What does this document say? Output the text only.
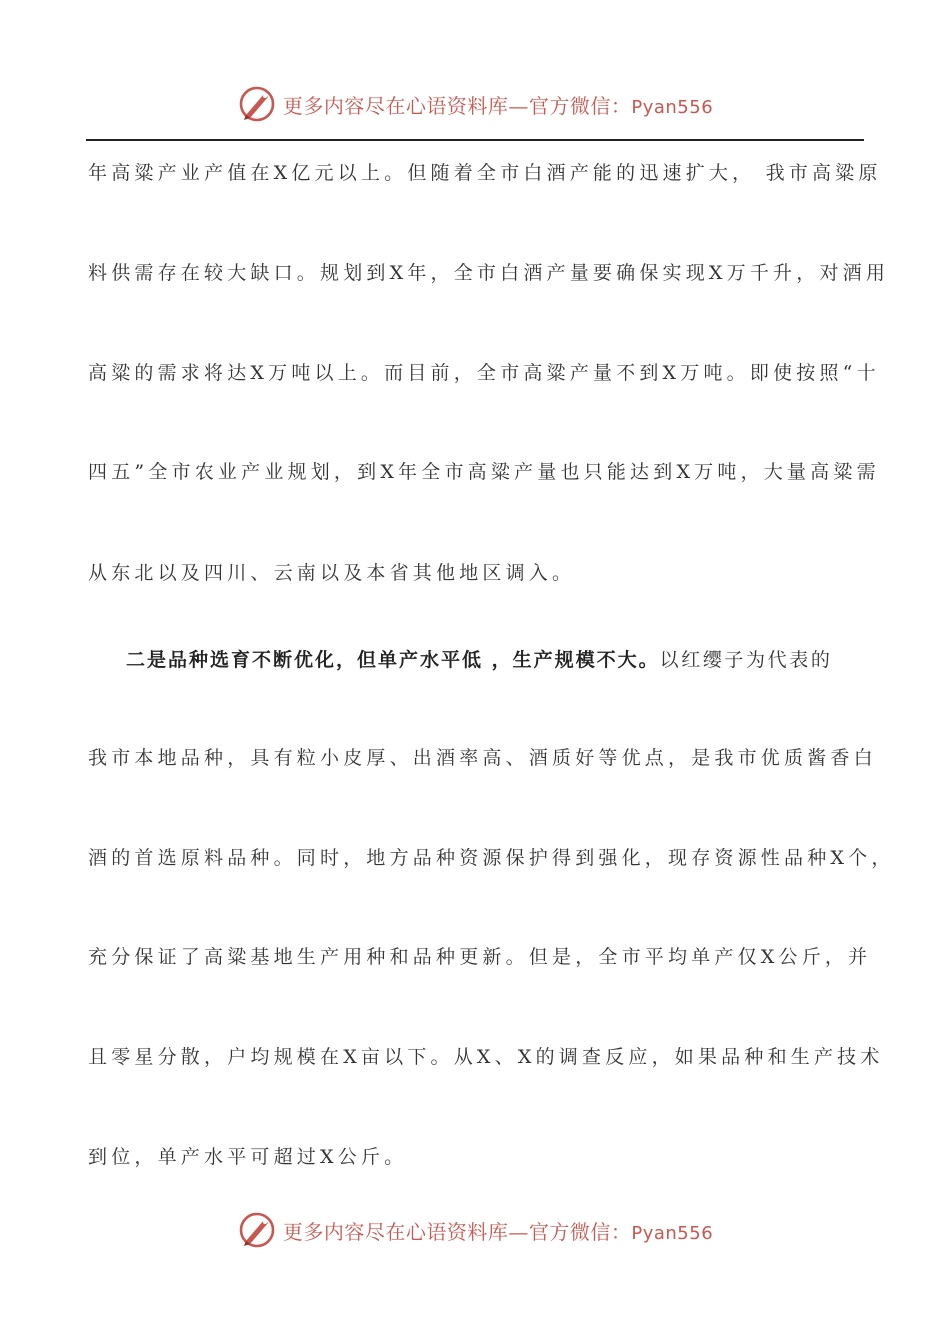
更多内容尽在心语资料库—官方微信：Pyan556
年高粱产业产值在X亿元以上。但随着全市白酒产能的迅速扩大， 我市高粱原
料供需存在较大缺口。规划到X年，全市白酒产量要确保实现X万千升，对酒用
高粱的需求将达X万吨以上。而目前，全市高粱产量不到X万吨。即使按照“十
四五”全市农业产业规划，到X年全市高粱产量也只能达到X万吨，大量高粱需
从东北以及四川、云南以及本省其他地区调入。
二是品种选育不断优化，但单产水平低 ，生产规模不大。以红缨子为代表的
我市本地品种，具有粒小皮厚、出酒率高、酒质好等优点，是我市优质酱香白
酒的首选原料品种。同时，地方品种资源保护得到强化，现存资源性品种X个，
充分保证了高粱基地生产用种和品种更新。但是，全市平均单产仅X公斤，并
且零星分散，户均规模在X亩以下。从X、X的调查反应，如果品种和生产技术
到位，单产水平可超过X公斤。
更多内容尽在心语资料库—官方微信：Pyan556
